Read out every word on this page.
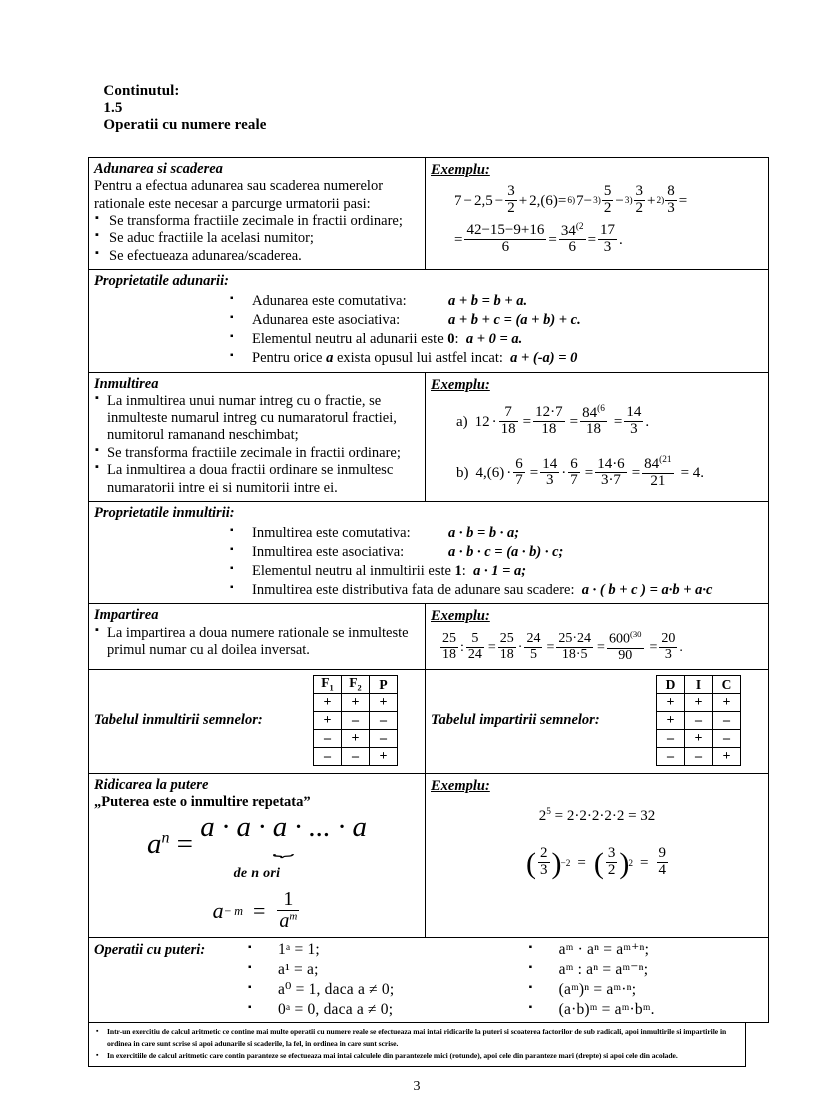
Continutul:
1.5
Operatii cu numere reale

Adunarea si scaderea
Pentru a efectua adunarea sau scaderea numerelor rationale este necesar a parcurge urmatorii pasi:
▪ Se transforma fractiile zecimale in fractii ordinare;
▪ Se aduc fractiile la acelasi numitor;
▪ Se efectueaza adunarea/scaderea.
	Exemplu:
$7 - 2,5 - \frac{3}{2} + 2,(6)= 6$) $7- 3) \frac{5}{2} - 3) \frac{3}{2} + 2) \frac{8}{3}$ =
= $\frac{42-15-9+16}{6} = \frac{34^{(2}}{6} = \frac{17}{3}$ .

Proprietatile adunarii:
▪ Adunarea este comutativa:	a + b = b + a.
▪ Adunarea este asociativa:	a + b + c = (a + b) + c.
▪ Elementul neutru al adunarii este 0: a + 0 = a.
▪ Pentru orice a exista opusul lui astfel incat: a + (-a) = 0

Inmultirea
▪ La inmultirea unui numar intreg cu o fractie, se inmulteste numarul intreg cu numaratorul fractiei, numitorul ramanand neschimbat;
▪ Se transforma fractiile zecimale in fractii ordinare;
▪ La inmultirea a doua fractii ordinare se inmultesc numaratorii intre ei si numitorii intre ei.
	Exemplu:
a) $12 \cdot \frac{7}{18} = \frac{12\cdot 7}{18} = \frac{84^{(6}}{18} = \frac{14}{3}$ .
b) $4,(6) \cdot \frac{6}{7} = \frac{14}{3} \cdot \frac{6}{7} = \frac{14\cdot 6}{3\cdot 7} = \frac{84^{(21}}{21} = 4$.

Proprietatile inmultirii:
▪ Inmultirea este comutativa:	a · b = b · a;
▪ Inmultirea este asociativa:	a · b · c = (a · b) · c;
▪ Elementul neutru al inmultirii este 1: a · 1 = a;
▪ Inmultirea este distributiva fata de adunare sau scadere: a · ( b + c ) = a·b + a·c

Impartirea
▪ La impartirea a doua numere rationale se inmulteste primul numar cu al doilea inversat.
	Exemplu:
$\frac{25}{18}$ : $\frac{5}{24} = \frac{25}{18} \cdot \frac{24}{5} = \frac{25\cdot 24}{18\cdot 5} = \frac{600^{(30}}{90} = \frac{20}{3}$ .

Tabelul inmultirii semnelor:
$F_1$	$F_2$	P
+	+	+
+	–	–
–	+	–
–	–	+

Tabelul impartirii semnelor:
D	I	C
+	+	+
+	–	–
–	+	–
–	–	+

Ridicarea la putere
„Puterea este o inmultire repetata”
$a^n$ =
a · a · a · ... · a
⏟
de n ori
$a - m = \frac{1}{a^m}$
	Exemplu:
$2^5 = 2\cdot 2\cdot 2\cdot 2\cdot 2 = 32$
( $\frac{2}{3}$ ) −2 = ( $\frac{3}{2}$ ) $2 = \frac{9}{4}$

Operatii cu puteri:	▪ 1ᵃ = 1;
▪ a¹ = a;
▪ a⁰ = 1, daca a ≠ 0;
▪ 0ᵃ = 0, daca a ≠ 0;
▪ aᵐ · aⁿ = aᵐ⁺ⁿ;
▪ aᵐ : aⁿ = aᵐ⁻ⁿ;
▪ (aᵐ)ⁿ = aᵐ·ⁿ;
▪ (a·b)ᵐ = aᵐ·bᵐ.
▪ Intr-un exercitiu de calcul aritmetic ce contine mai multe operatii cu numere reale se efectueaza mai intai ridicarile la puteri si scoaterea factorilor de sub radicali, apoi inmultirile si impartirile in ordinea in care sunt scrise si apoi adunarile si scaderile, la fel, in ordinea in care sunt scrise.
▪ In exercitiile de calcul aritmetic care contin paranteze se efectueaza mai intai calculele din parantezele mici (rotunde), apoi cele din paranteze mari (drepte) si apoi cele din acolade.
3
